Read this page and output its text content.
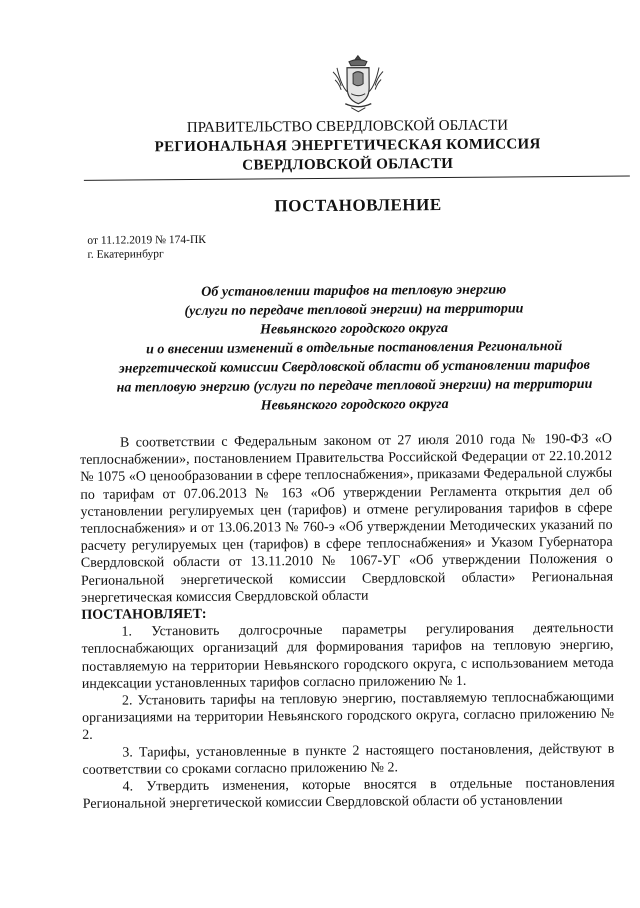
ПРАВИТЕЛЬСТВО СВЕРДЛОВСКОЙ ОБЛАСТИ

РЕГИОНАЛЬНАЯ ЭНЕРГЕТИЧЕСКАЯ КОМИССИЯ

СВЕРДЛОВСКОЙ ОБЛАСТИ

ПОСТАНОВЛЕНИЕ

от 11.12.2019 № 174-ПК

г. Екатеринбург

Об установлении тарифов на тепловую энергию
(услуги по передаче тепловой энергии) на территории
Невьянского городского округа
и о внесении изменений в отдельные постановления Региональной
энергетической комиссии Свердловской области об установлении тарифов
на тепловую энергию (услуги по передаче тепловой энергии) на территории
Невьянского городского округа

В соответствии с Федеральным законом от 27 июля 2010 года № 190-ФЗ «О теплоснабжении», постановлением Правительства Российской Федерации от 22.10.2012 № 1075 «О ценообразовании в сфере теплоснабжения», приказами Федеральной службы по тарифам от 07.06.2013 № 163 «Об утверждении Регламента открытия дел об установлении регулируемых цен (тарифов) и отмене регулирования тарифов в сфере теплоснабжения» и от 13.06.2013 № 760-э «Об утверждении Методических указаний по расчету регулируемых цен (тарифов) в сфере теплоснабжения» и Указом Губернатора Свердловской области от 13.11.2010 № 1067-УГ «Об утверждении Положения о Региональной энергетической комиссии Свердловской области» Региональная энергетическая комиссия Свердловской области

ПОСТАНОВЛЯЕТ:

1. Установить долгосрочные параметры регулирования деятельности теплоснабжающих организаций для формирования тарифов на тепловую энергию, поставляемую на территории Невьянского городского округа, с использованием метода индексации установленных тарифов согласно приложению № 1.

2. Установить тарифы на тепловую энергию, поставляемую теплоснабжающими организациями на территории Невьянского городского округа, согласно приложению № 2.

3. Тарифы, установленные в пункте 2 настоящего постановления, действуют в соответствии со сроками согласно приложению № 2.

4. Утвердить изменения, которые вносятся в отдельные постановления Региональной энергетической комиссии Свердловской области об установлении
